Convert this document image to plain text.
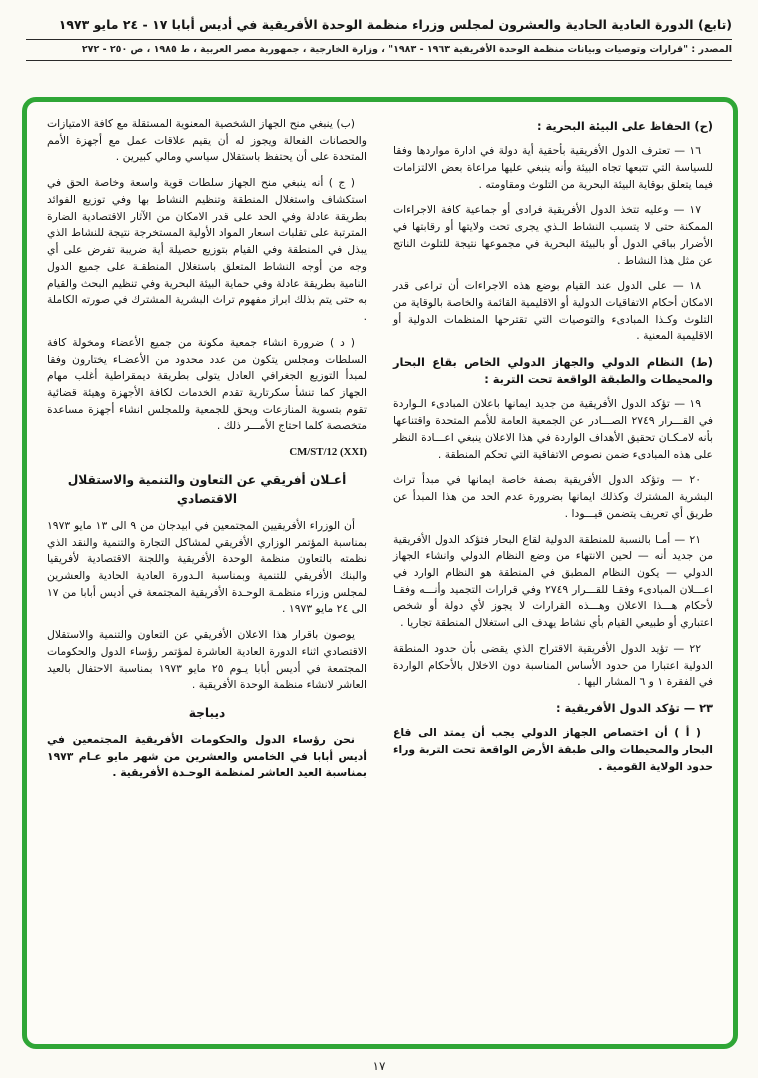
(تابع) الدورة العادية الحادية والعشرون لمجلس وزراء منظمة الوحدة الأفريقية في أديس أبابا ١٧ - ٢٤ مايو ١٩٧٣
المصدر : "قرارات وتوصيات وبيانات منظمة الوحدة الأفريقية ١٩٦٣ - ١٩٨٣" ، وزارة الخارجية ، جمهورية مصر العربية ، ط ١٩٨٥ ، ص ٢٥٠ - ٢٧٢
(ح) الحفاظ على البيئة البحرية :

١٦ — تعترف الدول الأفريقية بأحقية أية دولة في ادارة مواردها وفقا للسياسة التي تتبعها تجاه البيئة وأنه ينبغي عليها مراعاة بعض الالتزامات فيما يتعلق بوقاية البيئة البحرية من التلوث ومقاومته .

١٧ — وعليه تتخذ الدول الأفريقية فرادى أو جماعية كافة الاجراءات الممكنة حتى لا يتسبب النشاط الـذي يجرى تحت ولايتها أو رقابتها في الأضرار بباقي الدول أو بالبيئة البحرية في مجموعها نتيجة للتلوث الناتج عن مثل هذا النشاط .

١٨ — على الدول عند القيام بوضع هذه الاجراءات أن تراعى قدر الامكان أحكام الاتفاقيات الدولية أو الاقليمية القائمة والخاصة بالوقاية من التلوث وكـذا المبادىء والتوصيات التي تقترحها المنظمات الدولية أو الاقليمية المعنية .

(ط) النظام الدولي والجهاز الدولي الخاص بقاع البحار والمحيطات والطبقة الواقعة تحت التربة :

١٩ — تؤكد الدول الأفريقية من جديد ايمانها باعلان المبادىء الـواردة في القـــرار ٢٧٤٩ الصـــادر عن الجمعية العامة للأمم المتحدة واقتناعها بأنه لامـكـان تحقيق الأهداف الواردة في هذا الاعلان ينبغي اعـــادة النظر على هذه المبادىء ضمن نصوص الاتفاقية التي تحكم المنطقة .

٢٠ — وتؤكد الدول الأفريقية بصفة خاصة ايمانها في مبدأ تراث البشرية المشترك وكذلك ايمانها بضرورة عدم الحد من هذا المبدأ عن طريق أي تعريف يتضمن قيـــودا .

٢١ — أمـا بالنسبة للمنطقة الدولية لقاع البحار فتؤكد الدول الأفريقية من جديد أنه — لحين الانتهاء من وضع النظام الدولي وانشاء الجهاز الدولي — يكون النظام المطبق في المنطقة هو النظام الوارد في اعـــلان المبادىء وفقـا للقـــرار ٢٧٤٩ وفي قرارات التجميد وأنـــه وفقـا لأحكام هـــذا الاعلان وهـــذه القرارات لا يجوز لأي دولة أو شخص اعتباري أو طبيعي القيام بأي نشاط يهدف الى استغلال المنطقة تجاريا .

٢٢ — تؤيد الدول الأفريقية الاقتراح الذي يقضى بأن حدود المنطقة الدولية اعتبارا من حدود الأساس المناسبة دون الاخلال بالأحكام الواردة في الفقرة ١ و ٦ المشار اليها .

٢٣ — تؤكد الدول الأفريقية :

( أ ) أن اختصاص الجهاز الدولي يجب أن يمتد الى قاع البحار والمحيطات والى طبقة الأرض الواقعة تحت التربة وراء حدود الولاية القومية .

(ب) ينبغي منح الجهاز الشخصية المعنوية المستقلة مع كافة الامتيازات والحصانات الفعالة ويجوز له أن يقيم علاقات عمل مع أجهزة الأمم المتحدة على أن يحتفظ باستقلال سياسي ومالي كبيرين .

( ج ) أنه ينبغي منح الجهاز سلطات قوية واسعة وخاصة الحق في استكشاف واستغلال المنطقة وتنظيم النشاط بها وفي توزيع الفوائد بطريقة عادلة وفي الحد على قدر الامكان من الآثار الاقتصادية الضارة المترتبة على تقلبات اسعار المواد الأولية المستخرجة نتيجة للنشاط الذي يبذل في المنطقة وفي القيام بتوزيع حصيلة أية ضريبة تفرض على أي وجه من أوجه النشاط المتعلق باستغلال المنطقـة على جميع الدول النامية بطريقة عادلة وفي حماية البيئة البحرية وفي تنظيم البحث والقيام به حتى يتم بذلك ابراز مفهوم تراث البشرية المشترك في صورته الكاملة .

( د ) ضرورة انشاء جمعية مكونة من جميع الأعضاء ومخولة كافة السلطات ومجلس يتكون من عدد محدود من الأعضـاء يختارون وفقا لمبدأ التوزيع الجغرافي العادل يتولى بطريقة ديمقراطية أغلب مهام الجهاز كما تنشأ سكرتارية تقدم الخدمات لكافة الأجهزة وهيئة قضائية تقوم بتسوية المنازعات ويحق للجمعية وللمجلس انشاء أجهزة مساعدة متخصصة كلما احتاج الأمـــر ذلك .

CM/ST/12 (XXI)

أعـلان أفريقي عن التعاون والتنمية والاستقلال الاقتصادي

أن الوزراء الأفريقيين المجتمعين في ابيدجان من ٩ الى ١٣ مايو ١٩٧٣ بمناسبة المؤتمر الوزاري الأفريقي لمشاكل التجارة والتنمية والنقد الذي نظمته بالتعاون منظمة الوحدة الأفريقية واللجنة الاقتصادية لأفريقيا والبنك الأفريقي للتنمية وبمناسبة الـدورة العادية الحادية والعشرين لمجلس وزراء منظمـة الوحـدة الأفريقية المجتمعة في أديس أبابا من ١٧ الى ٢٤ مايو ١٩٧٣ .

يوصون باقرار هذا الاعلان الأفريقي عن التعاون والتنمية والاستقلال الاقتصادي اثناء الدورة العادية العاشرة لمؤتمر رؤساء الدول والحكومات المجتمعة في أديس أبابا يـوم ٢٥ مايو ١٩٧٣ بمناسبة الاحتفال بالعيد العاشر لانشاء منظمة الوحدة الأفريقية .

ديباجة

نحن رؤساء الدول والحكومات الأفريقية المجتمعين في أديس أبابا في الخامس والعشرين من شهر مايو عـام ١٩٧٣ بمناسبة العيد العاشر لمنظمة الوحـدة الأفريقية .

١٧
